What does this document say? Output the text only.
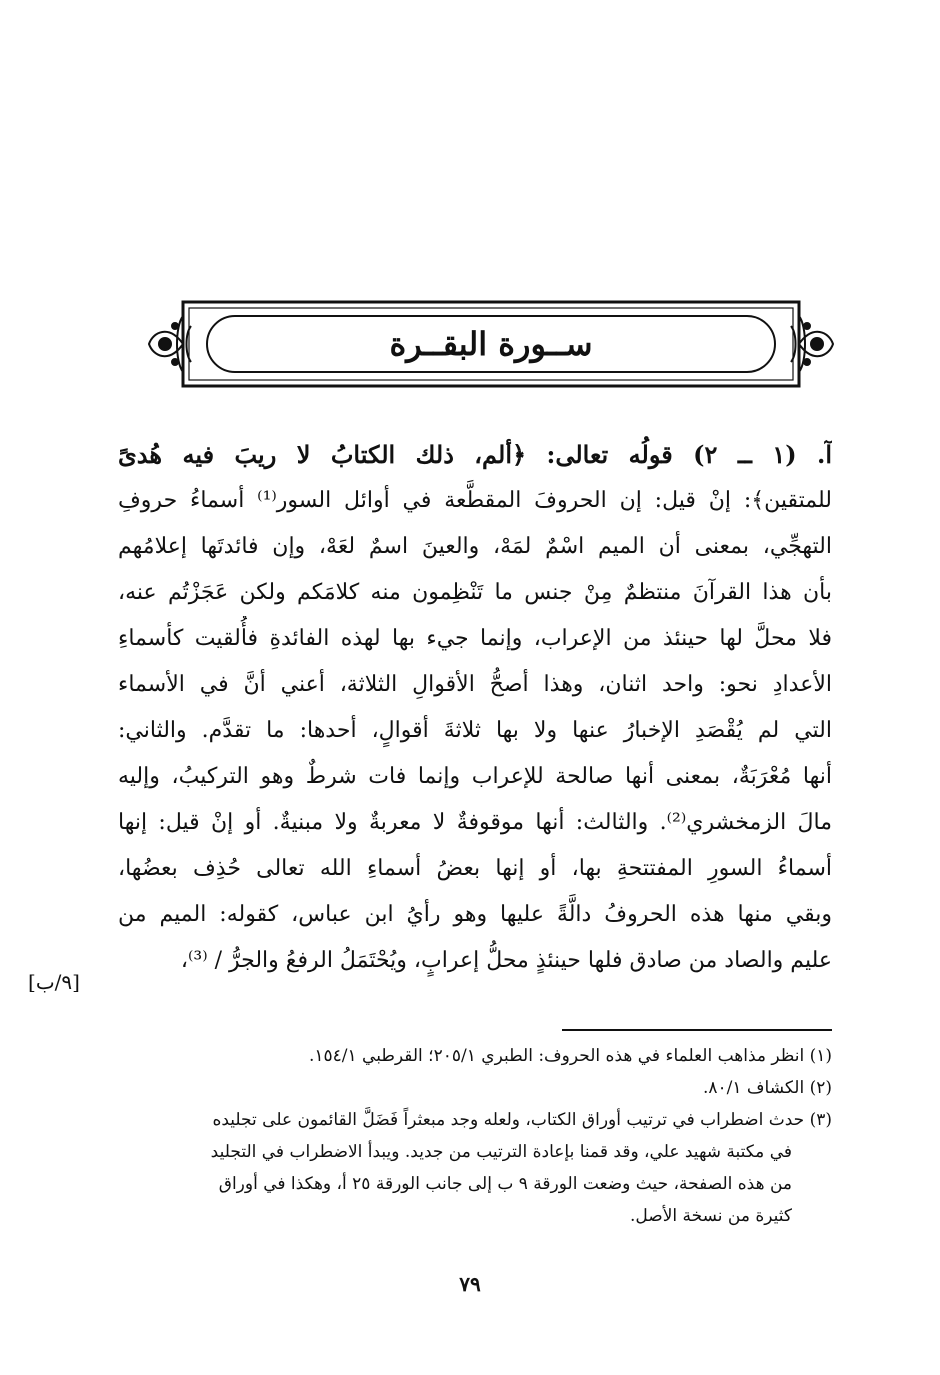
ســورة البقــرة
آ. (١ ــ ٢) قولُه تعالى: ﴿ألم، ذلك الكتابُ لا ريبَ فيه هُدىً
للمتقين﴾: إنْ قيل: إن الحروفَ المقطَّعة في أوائل السور⁽¹⁾ أسماءُ حروفِ
التهجِّي، بمعنى أن الميم اسْمٌ لمَهْ، والعينَ اسمٌ لعَهْ، وإن فائدتَها إعلامُهم
بأن هذا القرآنَ منتظمٌ مِنْ جنس ما تَنْظِمون منه كلامَكم ولكن عَجَزْتُم عنه،
فلا محلَّ لها حينئذ من الإعراب، وإنما جيء بها لهذه الفائدةِ فأُلقيت كأسماءِ
الأعدادِ نحو: واحد اثنان، وهذا أصحُّ الأقوالِ الثلاثة، أعني أنَّ في الأسماء
التي لم يُقْصَدِ الإخبارُ عنها ولا بها ثلاثةَ أقوالٍ، أحدها: ما تقدَّم. والثاني:
أنها مُعْرَبَةٌ، بمعنى أنها صالحة للإعراب وإنما فات شرطٌ وهو التركيبُ، وإليه
مالَ الزمخشري⁽²⁾. والثالث: أنها موقوفةٌ لا معربةٌ ولا مبنيةٌ. أو إنْ قيل: إنها
أسماءُ السورِ المفتتحةِ بها، أو إنها بعضُ أسماءِ الله تعالى حُذِف بعضُها،
وبقي منها هذه الحروفُ دالَّةً عليها وهو رأيُ ابن عباس، كقوله: الميم من
عليم والصاد من صادق فلها حينئذٍ محلُّ إعرابٍ، ويُحْتَمَلُ الرفعُ والجرُّ / ⁽³⁾،
[٩/ب]
(١) انظر مذاهب العلماء في هذه الحروف: الطبري ٢٠٥/١؛ القرطبي ١٥٤/١.
(٢) الكشاف ٨٠/١.
(٣) حدث اضطراب في ترتيب أوراق الكتاب، ولعله وجد مبعثراً فَضَلَّ القائمون على تجليده
في مكتبة شهيد علي، وقد قمنا بإعادة الترتيب من جديد. ويبدأ الاضطراب في التجليد
من هذه الصفحة، حيث وضعت الورقة ٩ ب إلى جانب الورقة ٢٥ أ، وهكذا في أوراق
كثيرة من نسخة الأصل.
٧٩
